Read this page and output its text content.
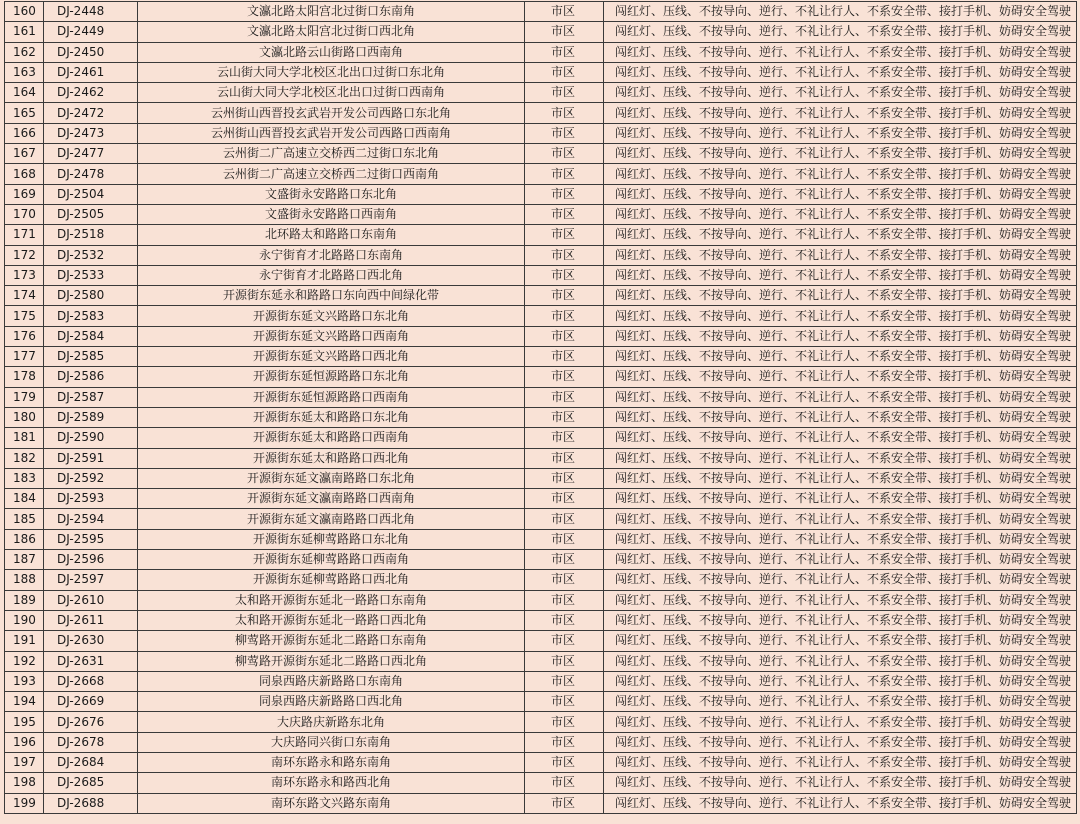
160	DJ-2448	文瀛北路太阳宫北过街口东南角	市区	闯红灯、压线、不按导向、逆行、不礼让行人、不系安全带、接打手机、妨碍安全驾驶
161	DJ-2449	文瀛北路太阳宫北过街口西北角	市区	闯红灯、压线、不按导向、逆行、不礼让行人、不系安全带、接打手机、妨碍安全驾驶
162	DJ-2450	文瀛北路云山街路口西南角	市区	闯红灯、压线、不按导向、逆行、不礼让行人、不系安全带、接打手机、妨碍安全驾驶
163	DJ-2461	云山街大同大学北校区北出口过街口东北角	市区	闯红灯、压线、不按导向、逆行、不礼让行人、不系安全带、接打手机、妨碍安全驾驶
164	DJ-2462	云山街大同大学北校区北出口过街口西南角	市区	闯红灯、压线、不按导向、逆行、不礼让行人、不系安全带、接打手机、妨碍安全驾驶
165	DJ-2472	云州街山西晋投玄武岩开发公司西路口东北角	市区	闯红灯、压线、不按导向、逆行、不礼让行人、不系安全带、接打手机、妨碍安全驾驶
166	DJ-2473	云州街山西晋投玄武岩开发公司西路口西南角	市区	闯红灯、压线、不按导向、逆行、不礼让行人、不系安全带、接打手机、妨碍安全驾驶
167	DJ-2477	云州街二广高速立交桥西二过街口东北角	市区	闯红灯、压线、不按导向、逆行、不礼让行人、不系安全带、接打手机、妨碍安全驾驶
168	DJ-2478	云州街二广高速立交桥西二过街口西南角	市区	闯红灯、压线、不按导向、逆行、不礼让行人、不系安全带、接打手机、妨碍安全驾驶
169	DJ-2504	文盛街永安路路口东北角	市区	闯红灯、压线、不按导向、逆行、不礼让行人、不系安全带、接打手机、妨碍安全驾驶
170	DJ-2505	文盛街永安路路口西南角	市区	闯红灯、压线、不按导向、逆行、不礼让行人、不系安全带、接打手机、妨碍安全驾驶
171	DJ-2518	北环路太和路路口东南角	市区	闯红灯、压线、不按导向、逆行、不礼让行人、不系安全带、接打手机、妨碍安全驾驶
172	DJ-2532	永宁街育才北路路口东南角	市区	闯红灯、压线、不按导向、逆行、不礼让行人、不系安全带、接打手机、妨碍安全驾驶
173	DJ-2533	永宁街育才北路路口西北角	市区	闯红灯、压线、不按导向、逆行、不礼让行人、不系安全带、接打手机、妨碍安全驾驶
174	DJ-2580	开源街东延永和路路口东向西中间绿化带	市区	闯红灯、压线、不按导向、逆行、不礼让行人、不系安全带、接打手机、妨碍安全驾驶
175	DJ-2583	开源街东延文兴路路口东北角	市区	闯红灯、压线、不按导向、逆行、不礼让行人、不系安全带、接打手机、妨碍安全驾驶
176	DJ-2584	开源街东延文兴路路口西南角	市区	闯红灯、压线、不按导向、逆行、不礼让行人、不系安全带、接打手机、妨碍安全驾驶
177	DJ-2585	开源街东延文兴路路口西北角	市区	闯红灯、压线、不按导向、逆行、不礼让行人、不系安全带、接打手机、妨碍安全驾驶
178	DJ-2586	开源街东延恒源路路口东北角	市区	闯红灯、压线、不按导向、逆行、不礼让行人、不系安全带、接打手机、妨碍安全驾驶
179	DJ-2587	开源街东延恒源路路口西南角	市区	闯红灯、压线、不按导向、逆行、不礼让行人、不系安全带、接打手机、妨碍安全驾驶
180	DJ-2589	开源街东延太和路路口东北角	市区	闯红灯、压线、不按导向、逆行、不礼让行人、不系安全带、接打手机、妨碍安全驾驶
181	DJ-2590	开源街东延太和路路口西南角	市区	闯红灯、压线、不按导向、逆行、不礼让行人、不系安全带、接打手机、妨碍安全驾驶
182	DJ-2591	开源街东延太和路路口西北角	市区	闯红灯、压线、不按导向、逆行、不礼让行人、不系安全带、接打手机、妨碍安全驾驶
183	DJ-2592	开源街东延文瀛南路路口东北角	市区	闯红灯、压线、不按导向、逆行、不礼让行人、不系安全带、接打手机、妨碍安全驾驶
184	DJ-2593	开源街东延文瀛南路路口西南角	市区	闯红灯、压线、不按导向、逆行、不礼让行人、不系安全带、接打手机、妨碍安全驾驶
185	DJ-2594	开源街东延文瀛南路路口西北角	市区	闯红灯、压线、不按导向、逆行、不礼让行人、不系安全带、接打手机、妨碍安全驾驶
186	DJ-2595	开源街东延柳莺路路口东北角	市区	闯红灯、压线、不按导向、逆行、不礼让行人、不系安全带、接打手机、妨碍安全驾驶
187	DJ-2596	开源街东延柳莺路路口西南角	市区	闯红灯、压线、不按导向、逆行、不礼让行人、不系安全带、接打手机、妨碍安全驾驶
188	DJ-2597	开源街东延柳莺路路口西北角	市区	闯红灯、压线、不按导向、逆行、不礼让行人、不系安全带、接打手机、妨碍安全驾驶
189	DJ-2610	太和路开源街东延北一路路口东南角	市区	闯红灯、压线、不按导向、逆行、不礼让行人、不系安全带、接打手机、妨碍安全驾驶
190	DJ-2611	太和路开源街东延北一路路口西北角	市区	闯红灯、压线、不按导向、逆行、不礼让行人、不系安全带、接打手机、妨碍安全驾驶
191	DJ-2630	柳莺路开源街东延北二路路口东南角	市区	闯红灯、压线、不按导向、逆行、不礼让行人、不系安全带、接打手机、妨碍安全驾驶
192	DJ-2631	柳莺路开源街东延北二路路口西北角	市区	闯红灯、压线、不按导向、逆行、不礼让行人、不系安全带、接打手机、妨碍安全驾驶
193	DJ-2668	同泉西路庆新路路口东南角	市区	闯红灯、压线、不按导向、逆行、不礼让行人、不系安全带、接打手机、妨碍安全驾驶
194	DJ-2669	同泉西路庆新路路口西北角	市区	闯红灯、压线、不按导向、逆行、不礼让行人、不系安全带、接打手机、妨碍安全驾驶
195	DJ-2676	大庆路庆新路东北角	市区	闯红灯、压线、不按导向、逆行、不礼让行人、不系安全带、接打手机、妨碍安全驾驶
196	DJ-2678	大庆路同兴街口东南角	市区	闯红灯、压线、不按导向、逆行、不礼让行人、不系安全带、接打手机、妨碍安全驾驶
197	DJ-2684	南环东路永和路东南角	市区	闯红灯、压线、不按导向、逆行、不礼让行人、不系安全带、接打手机、妨碍安全驾驶
198	DJ-2685	南环东路永和路西北角	市区	闯红灯、压线、不按导向、逆行、不礼让行人、不系安全带、接打手机、妨碍安全驾驶
199	DJ-2688	南环东路文兴路东南角	市区	闯红灯、压线、不按导向、逆行、不礼让行人、不系安全带、接打手机、妨碍安全驾驶
